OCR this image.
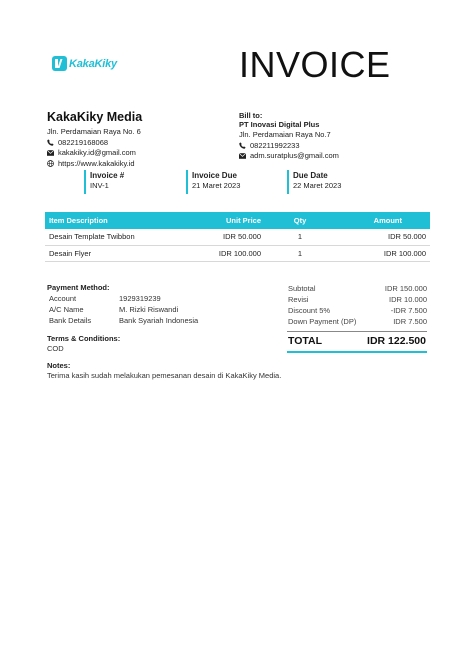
KakaKiky	INVOICE
KakaKiky Media
Jln. Perdamaian Raya No. 6
082219168068
kakakiky.id@gmail.com
https://www.kakakiky.id
Bill to:
PT Inovasi Digital Plus
Jln. Perdamaian Raya No.7
082211992233
adm.suratplus@gmail.com
Invoice #
INV-1
Invoice Due
21 Maret 2023
Due Date
22 Maret 2023
Item Description	Unit Price	Qty	Amount
Desain Template Twibbon	IDR 50.000	1	IDR 50.000
Desain Flyer	IDR 100.000	1	IDR 100.000
Payment Method:
Account	1929319239
A/C Name	M. Rizki Riswandi
Bank Details	Bank Syariah Indonesia
Terms & Conditions:
COD
Notes:
Terima kasih sudah melakukan pemesanan desain di KakaKiky Media.
Subtotal	IDR 150.000
Revisi	IDR 10.000
Discount 5%	-IDR 7.500
Down Payment (DP)	IDR 7.500
TOTAL	IDR 122.500
